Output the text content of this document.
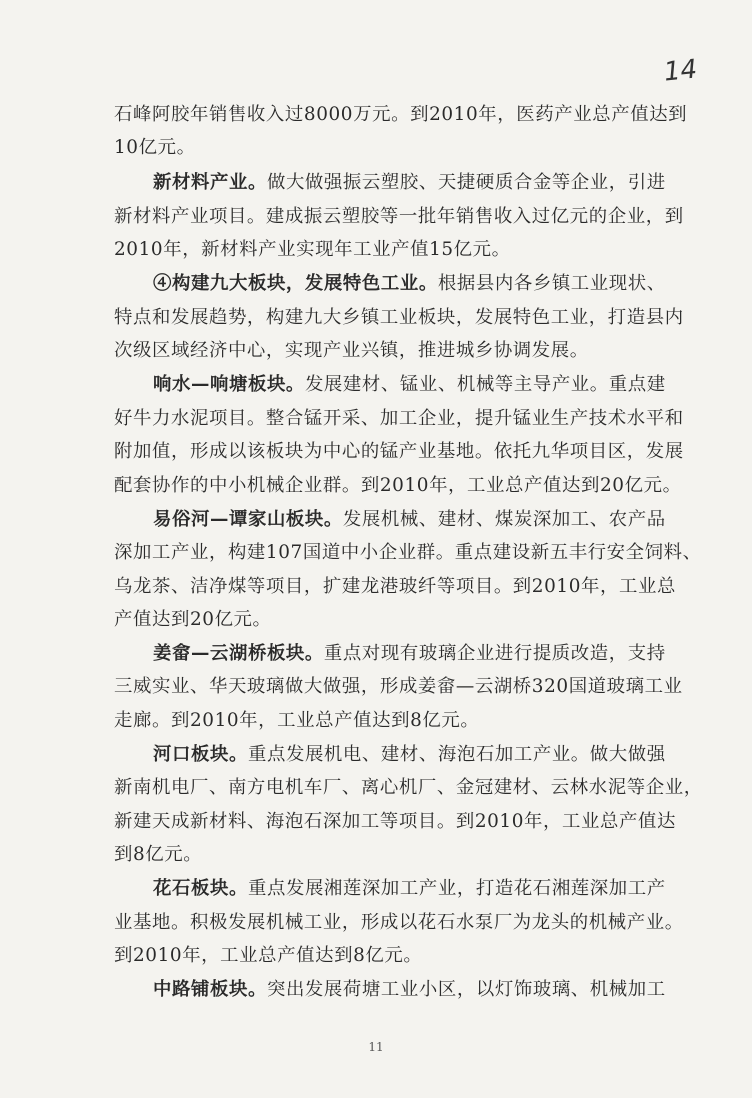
14
石峰阿胶年销售收入过8000万元。到2010年，医药产业总产值达到
10亿元。
新材料产业。做大做强振云塑胶、天捷硬质合金等企业，引进
新材料产业项目。建成振云塑胶等一批年销售收入过亿元的企业，到
2010年，新材料产业实现年工业产值15亿元。
④构建九大板块，发展特色工业。根据县内各乡镇工业现状、
特点和发展趋势，构建九大乡镇工业板块，发展特色工业，打造县内
次级区域经济中心，实现产业兴镇，推进城乡协调发展。
响水—响塘板块。发展建材、锰业、机械等主导产业。重点建
好牛力水泥项目。整合锰开采、加工企业，提升锰业生产技术水平和
附加值，形成以该板块为中心的锰产业基地。依托九华项目区，发展
配套协作的中小机械企业群。到2010年，工业总产值达到20亿元。
易俗河—谭家山板块。发展机械、建材、煤炭深加工、农产品
深加工产业，构建107国道中小企业群。重点建设新五丰行安全饲料、
乌龙茶、洁净煤等项目，扩建龙港玻纤等项目。到2010年，工业总
产值达到20亿元。
姜畲—云湖桥板块。重点对现有玻璃企业进行提质改造，支持
三威实业、华天玻璃做大做强，形成姜畲—云湖桥320国道玻璃工业
走廊。到2010年，工业总产值达到8亿元。
河口板块。重点发展机电、建材、海泡石加工产业。做大做强
新南机电厂、南方电机车厂、离心机厂、金冠建材、云林水泥等企业，
新建天成新材料、海泡石深加工等项目。到2010年，工业总产值达
到8亿元。
花石板块。重点发展湘莲深加工产业，打造花石湘莲深加工产
业基地。积极发展机械工业，形成以花石水泵厂为龙头的机械产业。
到2010年，工业总产值达到8亿元。
中路铺板块。突出发展荷塘工业小区，以灯饰玻璃、机械加工
11
